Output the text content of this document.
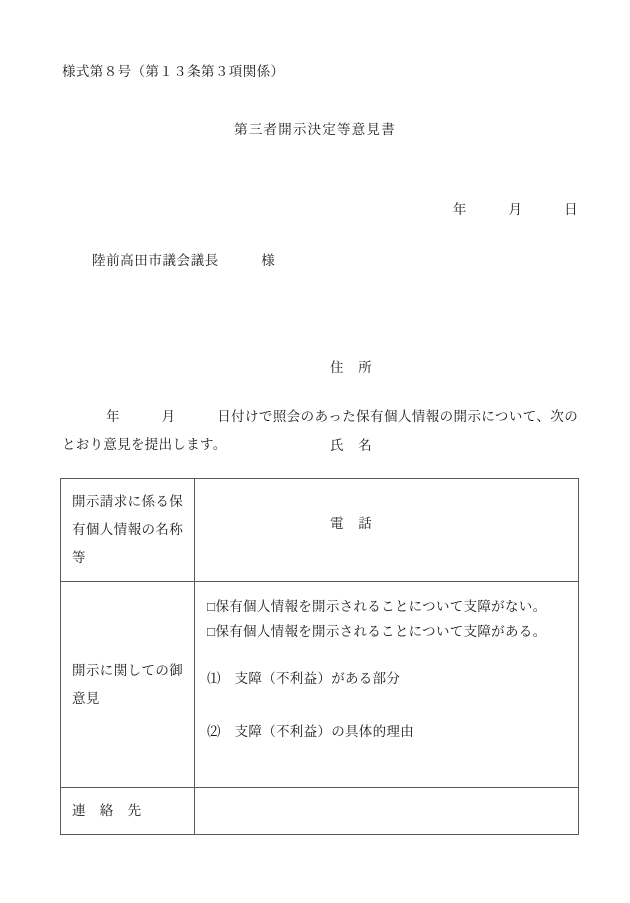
様式第８号（第１３条第３項関係）
第三者開示決定等意見書
年　　　月　　　日
陸前高田市議会議長　　　様

住　所

氏　名

電　話

年　　　月　　　日付けで照会のあった保有個人情報の開示について、次のとおり意見を提出します。
開示請求に係る保有個人情報の名称等	

開示に関しての御意見	□保有個人情報を開示されることについて支障がない。
□保有個人情報を開示されることについて支障がある。
⑴　支障（不利益）がある部分
⑵　支障（不利益）の具体的理由

連　絡　先	
